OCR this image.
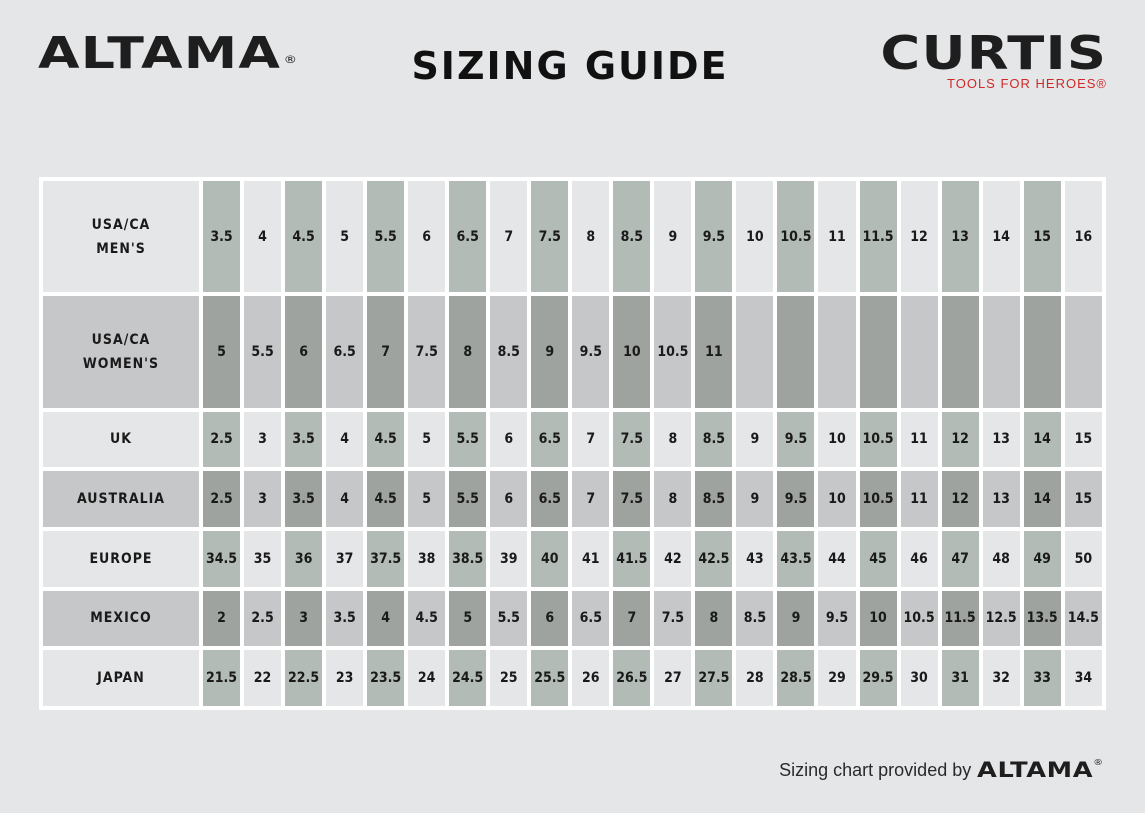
ALTAMA ®	SIZING GUIDE	CURTIS
TOOLS FOR HEROES®
USA/CA
MEN'S	3.5	4	4.5	5	5.5	6	6.5	7	7.5	8	8.5	9	9.5	10	10.5	11	11.5	12	13	14	15	16
USA/CA
WOMEN'S	5	5.5	6	6.5	7	7.5	8	8.5	9	9.5	10	10.5	11									
UK	2.5	3	3.5	4	4.5	5	5.5	6	6.5	7	7.5	8	8.5	9	9.5	10	10.5	11	12	13	14	15
AUSTRALIA	2.5	3	3.5	4	4.5	5	5.5	6	6.5	7	7.5	8	8.5	9	9.5	10	10.5	11	12	13	14	15
EUROPE	34.5	35	36	37	37.5	38	38.5	39	40	41	41.5	42	42.5	43	43.5	44	45	46	47	48	49	50
MEXICO	2	2.5	3	3.5	4	4.5	5	5.5	6	6.5	7	7.5	8	8.5	9	9.5	10	10.5	11.5	12.5	13.5	14.5
JAPAN	21.5	22	22.5	23	23.5	24	24.5	25	25.5	26	26.5	27	27.5	28	28.5	29	29.5	30	31	32	33	34
Sizing chart provided by ALTAMA®
